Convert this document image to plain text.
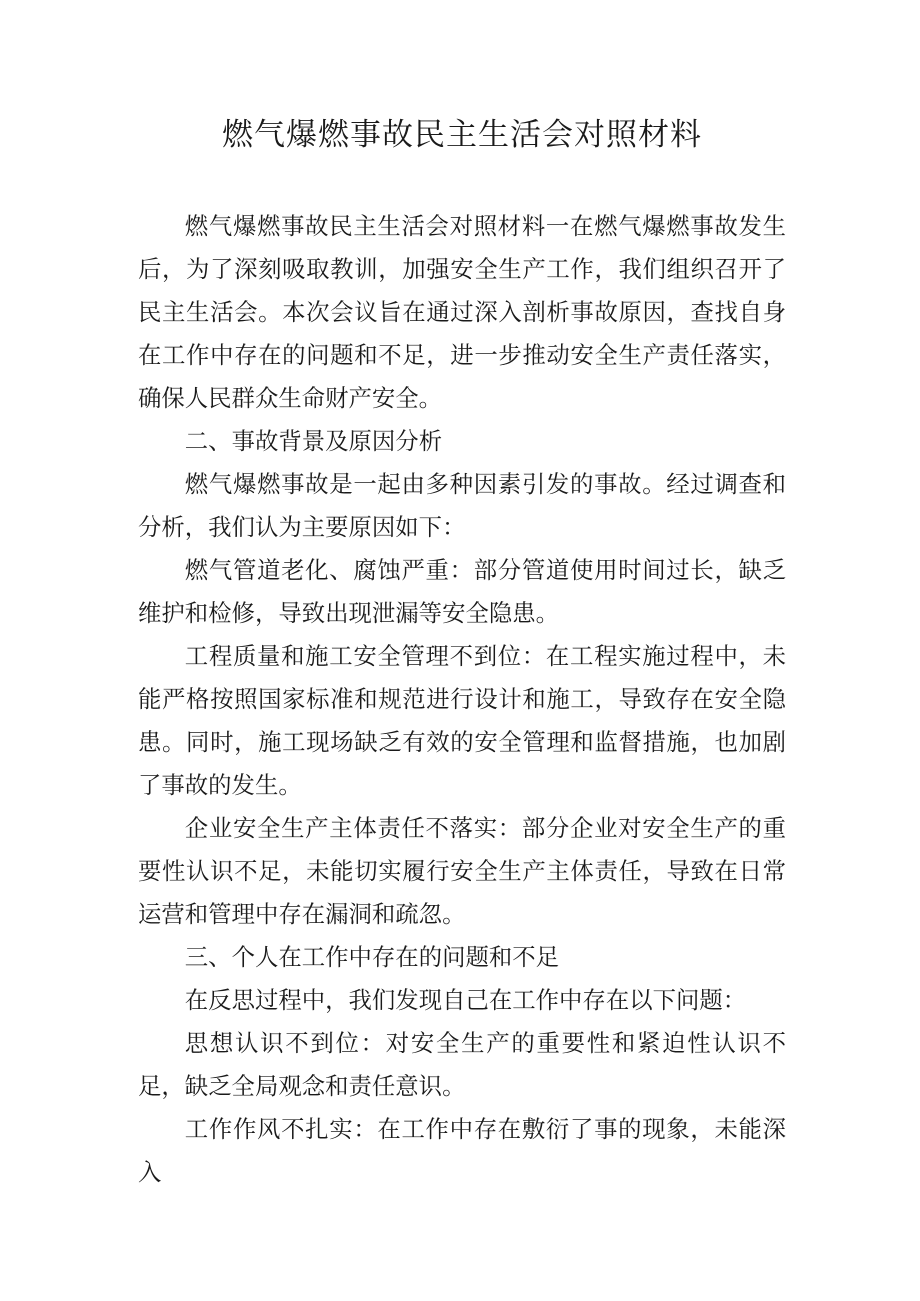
燃气爆燃事故民主生活会对照材料

燃气爆燃事故民主生活会对照材料一在燃气爆燃事故发生后，为了深刻吸取教训，加强安全生产工作，我们组织召开了民主生活会。本次会议旨在通过深入剖析事故原因，查找自身在工作中存在的问题和不足，进一步推动安全生产责任落实，确保人民群众生命财产安全。

二、事故背景及原因分析

燃气爆燃事故是一起由多种因素引发的事故。经过调查和分析，我们认为主要原因如下：

燃气管道老化、腐蚀严重：部分管道使用时间过长，缺乏维护和检修，导致出现泄漏等安全隐患。

工程质量和施工安全管理不到位：在工程实施过程中，未能严格按照国家标准和规范进行设计和施工，导致存在安全隐患。同时，施工现场缺乏有效的安全管理和监督措施，也加剧了事故的发生。

企业安全生产主体责任不落实：部分企业对安全生产的重要性认识不足，未能切实履行安全生产主体责任，导致在日常运营和管理中存在漏洞和疏忽。

三、个人在工作中存在的问题和不足

在反思过程中，我们发现自己在工作中存在以下问题：

思想认识不到位：对安全生产的重要性和紧迫性认识不足，缺乏全局观念和责任意识。

工作作风不扎实：在工作中存在敷衍了事的现象，未能深入
